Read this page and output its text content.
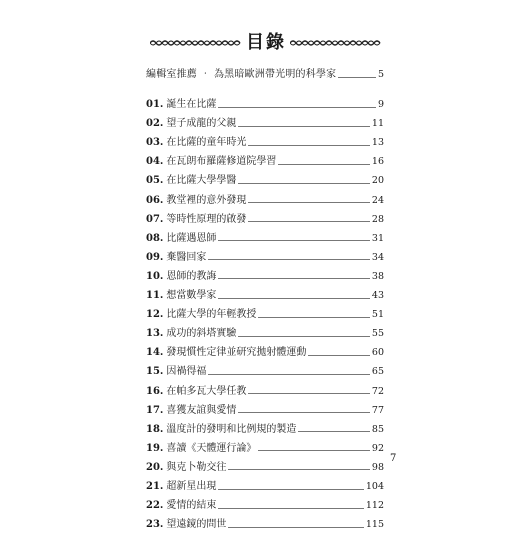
目錄
編輯室推薦 ‧ 為黑暗歐洲帶光明的科學家	5
01. 誕生在比薩	9
02. 望子成龍的父親	11
03. 在比薩的童年時光	13
04. 在瓦朗布羅薩修道院學習	16
05. 在比薩大學學醫	20
06. 教堂裡的意外發現	24
07. 等時性原理的啟發	28
08. 比薩遇恩師	31
09. 棄醫回家	34
10. 恩師的教誨	38
11. 想當數學家	43
12. 比薩大學的年輕教授	51
13. 成功的斜塔實驗	55
14. 發現慣性定律並研究拋射體運動	60
15. 因禍得福	65
16. 在帕多瓦大學任教	72
17. 喜獲友誼與愛情	77
18. 溫度計的發明和比例規的製造	85
19. 喜讀《天體運行論》	92
20. 與克卜勒交往	98
21. 超新星出現	104
22. 愛情的結束	112
23. 望遠鏡的問世	115
7
